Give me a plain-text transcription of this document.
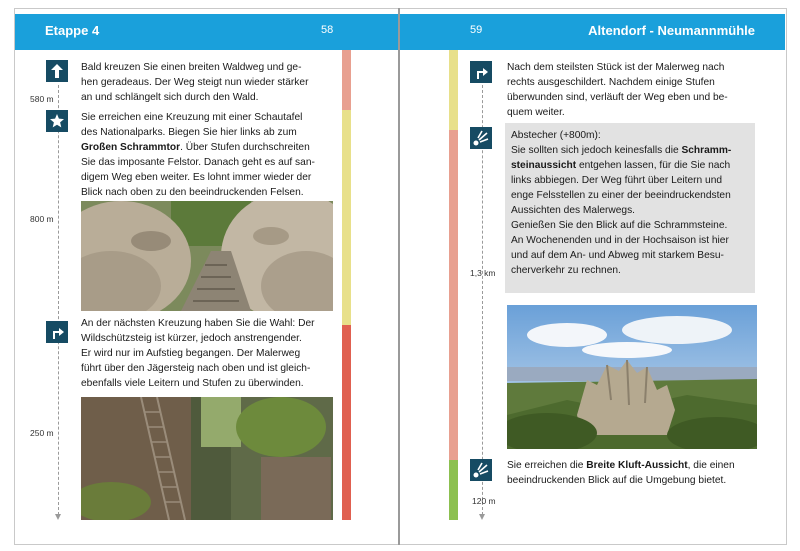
Etappe 4	58	59	Altendorf - Neumannmühle
580 m
800 m
250 m
Bald kreuzen Sie einen breiten Waldweg und ge-
hen geradeaus. Der Weg steigt nun wieder stärker
an und schlängelt sich durch den Wald.
Sie erreichen eine Kreuzung mit einer Schautafel
des Nationalparks. Biegen Sie hier links ab zum
Großen Schrammtor. Über Stufen durchschreiten
Sie das imposante Felstor. Danach geht es auf san-
digem Weg eben weiter. Es lohnt immer wieder der
Blick nach oben zu den beeindruckenden Felsen.
An der nächsten Kreuzung haben Sie die Wahl: Der
Wildschützsteig ist kürzer, jedoch anstrengender.
Er wird nur im Aufstieg begangen. Der Malerweg
führt über den Jägersteig nach oben und ist gleich-
ebenfalls viele Leitern und Stufen zu überwinden.
1,3 km
120 m
Nach dem steilsten Stück ist der Malerweg nach
rechts ausgeschildert. Nachdem einige Stufen
überwunden sind, verläuft der Weg eben und be-
quem weiter.
Abstecher (+800m):
Sie sollten sich jedoch keinesfalls die Schramm-
steinaussicht entgehen lassen, für die Sie nach
links abbiegen. Der Weg führt über Leitern und
enge Felsstellen zu einer der beeindruckendsten
Aussichten des Malerwegs.
Genießen Sie den Blick auf die Schrammsteine.
An Wochenenden und in der Hochsaison ist hier
und auf dem An- und Abweg mit starkem Besu-
cherverkehr zu rechnen.
Sie erreichen die Breite Kluft-Aussicht, die einen
beeindruckenden Blick auf die Umgebung bietet.
